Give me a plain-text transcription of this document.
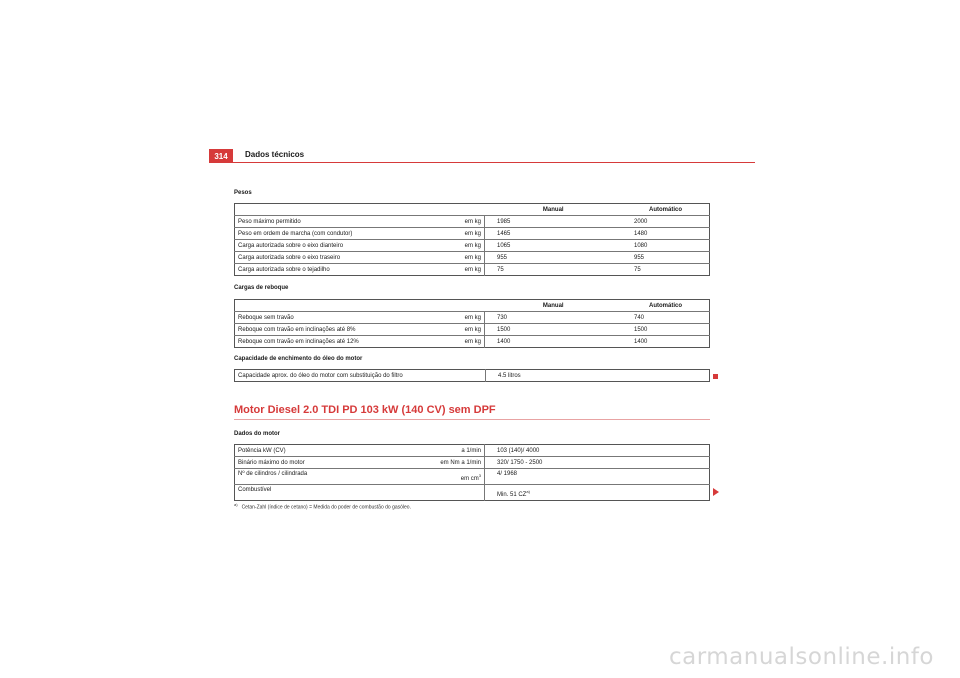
314	Dados técnicos
Pesos
		Manual	Automático
Peso máximo permitido	em kg	1985	2000
Peso em ordem de marcha (com condutor)	em kg	1465	1480
Carga autorizada sobre o eixo dianteiro	em kg	1065	1080
Carga autorizada sobre o eixo traseiro	em kg	955	955
Carga autorizada sobre o tejadilho	em kg	75	75
Cargas de reboque
		Manual	Automático
Reboque sem travão	em kg	730	740
Reboque com travão em inclinações até 8%	em kg	1500	1500
Reboque com travão em inclinações até 12%	em kg	1400	1400
Capacidade de enchimento do óleo do motor
Capacidade aprox. do óleo do motor com substituição do filtro	4.5 litros
Motor Diesel 2.0 TDI PD 103 kW (140 CV) sem DPF
Dados do motor
Potência kW (CV)	a 1/min	103 (140)/ 4000
Binário máximo do motor	em Nm a 1/min	320/ 1750 - 2500
Nº de cilindros / cilindrada	em $cm^3$	4/ 1968
Combustível		Min. 51 CZ$^{a)}$
$^{a)}$Cetan-Zahl (índice de cetano) = Medida do poder de combustão do gasóleo.
carmanualsonline.info
